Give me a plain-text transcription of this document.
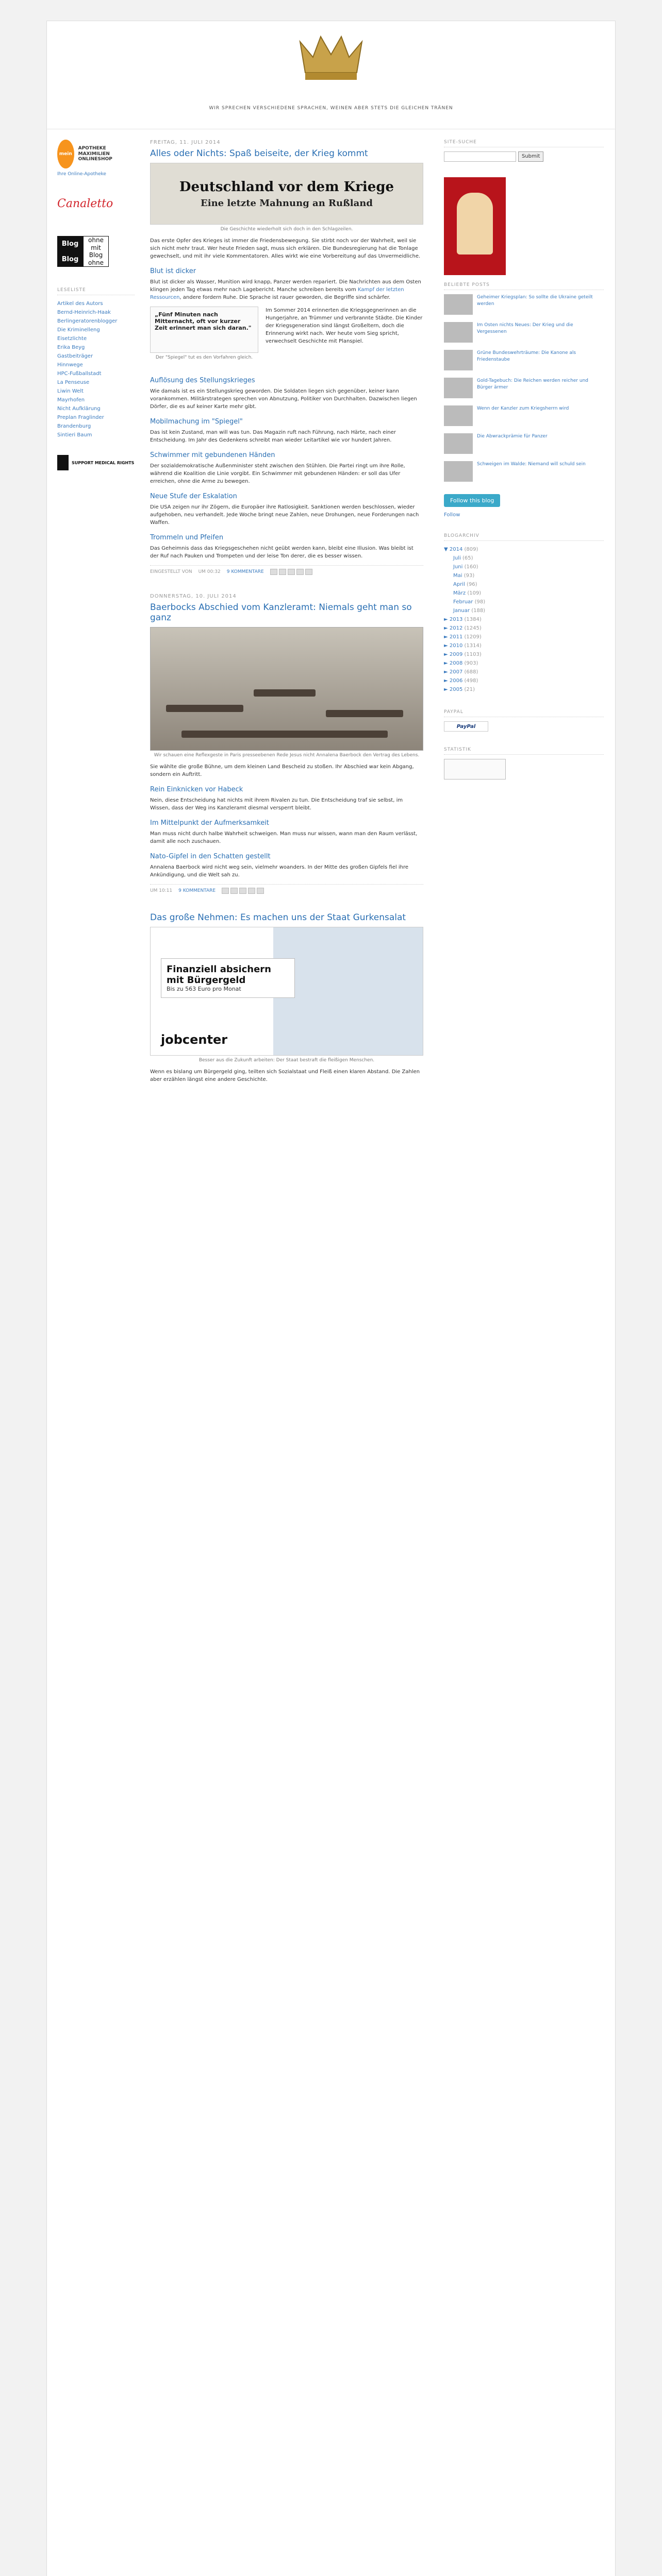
WIR SPRECHEN VERSCHIEDENE SPRACHEN, WEINEN ABER STETS DIE GLEICHEN TRÄNEN
mein
APOTHEKE MAXIMILIEN ONLINESHOP
Ihre Online-Apotheke
Canaletto
Blog
Blog
ohne
mit
Blog
ohne
LESELISTE
Artikel des Autors
Bernd-Heinrich-Haak
Berlingeratorenblogger
Die Kriminelleng
Eisetzlichte
Erika Beyg
Gastbeiträger
Hinnwege
HPC-Fußballstadt
La Penseuse
Liwin Welt
Mayrhofen
Nicht Aufklärung
Preplan Fraglinder Brandenburg
Sintieri Baum
SUPPORT MEDICAL RIGHTS
FREITAG, 11. JULI 2014
Alles oder Nichts: Spaß beiseite, der Krieg kommt
Deutschland vor dem Kriege
Eine letzte Mahnung an Rußland
Die Geschichte wiederholt sich doch in den Schlagzeilen.

Das erste Opfer des Krieges ist immer die Friedensbewegung. Sie stirbt noch vor der Wahrheit, weil sie sich nicht mehr traut. Wer heute Frieden sagt, muss sich erklären. Die Bundesregierung hat die Tonlage gewechselt, und mit ihr viele Kommentatoren. Alles wirkt wie eine Vorbereitung auf das Unvermeidliche.

Blut ist dicker

Blut ist dicker als Wasser, Munition wird knapp, Panzer werden repariert. Die Nachrichten aus dem Osten klingen jeden Tag etwas mehr nach Lagebericht. Manche schreiben bereits vom Kampf der letzten Ressourcen, andere fordern Ruhe. Die Sprache ist rauer geworden, die Begriffe sind schärfer.

„Fünf Minuten nach Mitternacht, oft vor kurzer Zeit erinnert man sich daran."
Der "Spiegel" tut es den Vorfahren gleich.

Im Sommer 2014 erinnerten die Kriegsgegnerinnen an die Hungerjahre, an Trümmer und verbrannte Städte. Die Kinder der Kriegsgeneration sind längst Großeltern, doch die Erinnerung wirkt nach. Wer heute vom Sieg spricht, verwechselt Geschichte mit Planspiel.

Auflösung des Stellungskrieges

Wie damals ist es ein Stellungskrieg geworden. Die Soldaten liegen sich gegenüber, keiner kann vorankommen. Militärstrategen sprechen von Abnutzung, Politiker von Durchhalten. Dazwischen liegen Dörfer, die es auf keiner Karte mehr gibt.

Mobilmachung im "Spiegel"

Das ist kein Zustand, man will was tun. Das Magazin ruft nach Führung, nach Härte, nach einer Entscheidung. Im Jahr des Gedenkens schreibt man wieder Leitartikel wie vor hundert Jahren.

Schwimmer mit gebundenen Händen

Der sozialdemokratische Außenminister steht zwischen den Stühlen. Die Partei ringt um ihre Rolle, während die Koalition die Linie vorgibt. Ein Schwimmer mit gebundenen Händen: er soll das Ufer erreichen, ohne die Arme zu bewegen.

Neue Stufe der Eskalation

Die USA zeigen nur ihr Zögern, die Europäer ihre Ratlosigkeit. Sanktionen werden beschlossen, wieder aufgehoben, neu verhandelt. Jede Woche bringt neue Zahlen, neue Drohungen, neue Forderungen nach Waffen.

Trommeln und Pfeifen

Das Geheimnis dass das Kriegsgeschehen nicht geübt werden kann, bleibt eine Illusion. Was bleibt ist der Ruf nach Pauken und Trompeten und der leise Ton derer, die es besser wissen.

EINGESTELLT VON UM 00:32 9 KOMMENTARE
DONNERSTAG, 10. JULI 2014
Baerbocks Abschied vom Kanzleramt: Niemals geht man so ganz
Wir schauen eine Reflexgeste in Paris presseebenen Rede Jesus nicht Annalena Baerbock den Vertrag des Lebens.

Sie wählte die große Bühne, um dem kleinen Land Bescheid zu stoßen. Ihr Abschied war kein Abgang, sondern ein Auftritt.

Rein Einknicken vor Habeck

Nein, diese Entscheidung hat nichts mit ihrem Rivalen zu tun. Die Entscheidung traf sie selbst, im Wissen, dass der Weg ins Kanzleramt diesmal versperrt bleibt.

Im Mittelpunkt der Aufmerksamkeit

Man muss nicht durch halbe Wahrheit schweigen. Man muss nur wissen, wann man den Raum verlässt, damit alle noch zuschauen.

Nato-Gipfel in den Schatten gestellt

Annalena Baerbock wird nicht weg sein, vielmehr woanders. In der Mitte des großen Gipfels fiel ihre Ankündigung, und die Welt sah zu.

UM 10:11 9 KOMMENTARE
Das große Nehmen: Es machen uns der Staat Gurkensalat
Finanziell absichern mit Bürgergeld
Bis zu 563 Euro pro Monat
jobcenter
Besser aus die Zukunft arbeiten: Der Staat bestraft die fleißigen Menschen.

Wenn es bislang um Bürgergeld ging, teilten sich Sozialstaat und Fleiß einen klaren Abstand. Die Zahlen aber erzählen längst eine andere Geschichte.

SITE-SUCHE
Submit
BELIEBTE POSTS
Geheimer Kriegsplan: So sollte die Ukraine geteilt werden
Im Osten nichts Neues: Der Krieg und die Vergessenen
Grüne Bundeswehrträume: Die Kanone als Friedenstaube
Gold-Tagebuch: Die Reichen werden reicher und Bürger ärmer
Wenn der Kanzler zum Kriegsherrn wird
Die Abwrackprämie für Panzer
Schweigen im Walde: Niemand will schuld sein
Follow this blog
Follow
BLOGARCHIV
▼ 2014 (809)
Juli (65)
Juni (160)
Mai (93)
April (96)
März (109)
Februar (98)
Januar (188)
► 2013 (1384)
► 2012 (1245)
► 2011 (1209)
► 2010 (1314)
► 2009 (1103)
► 2008 (903)
► 2007 (688)
► 2006 (498)
► 2005 (21)
PAYPAL
PayPal
STATISTIK
